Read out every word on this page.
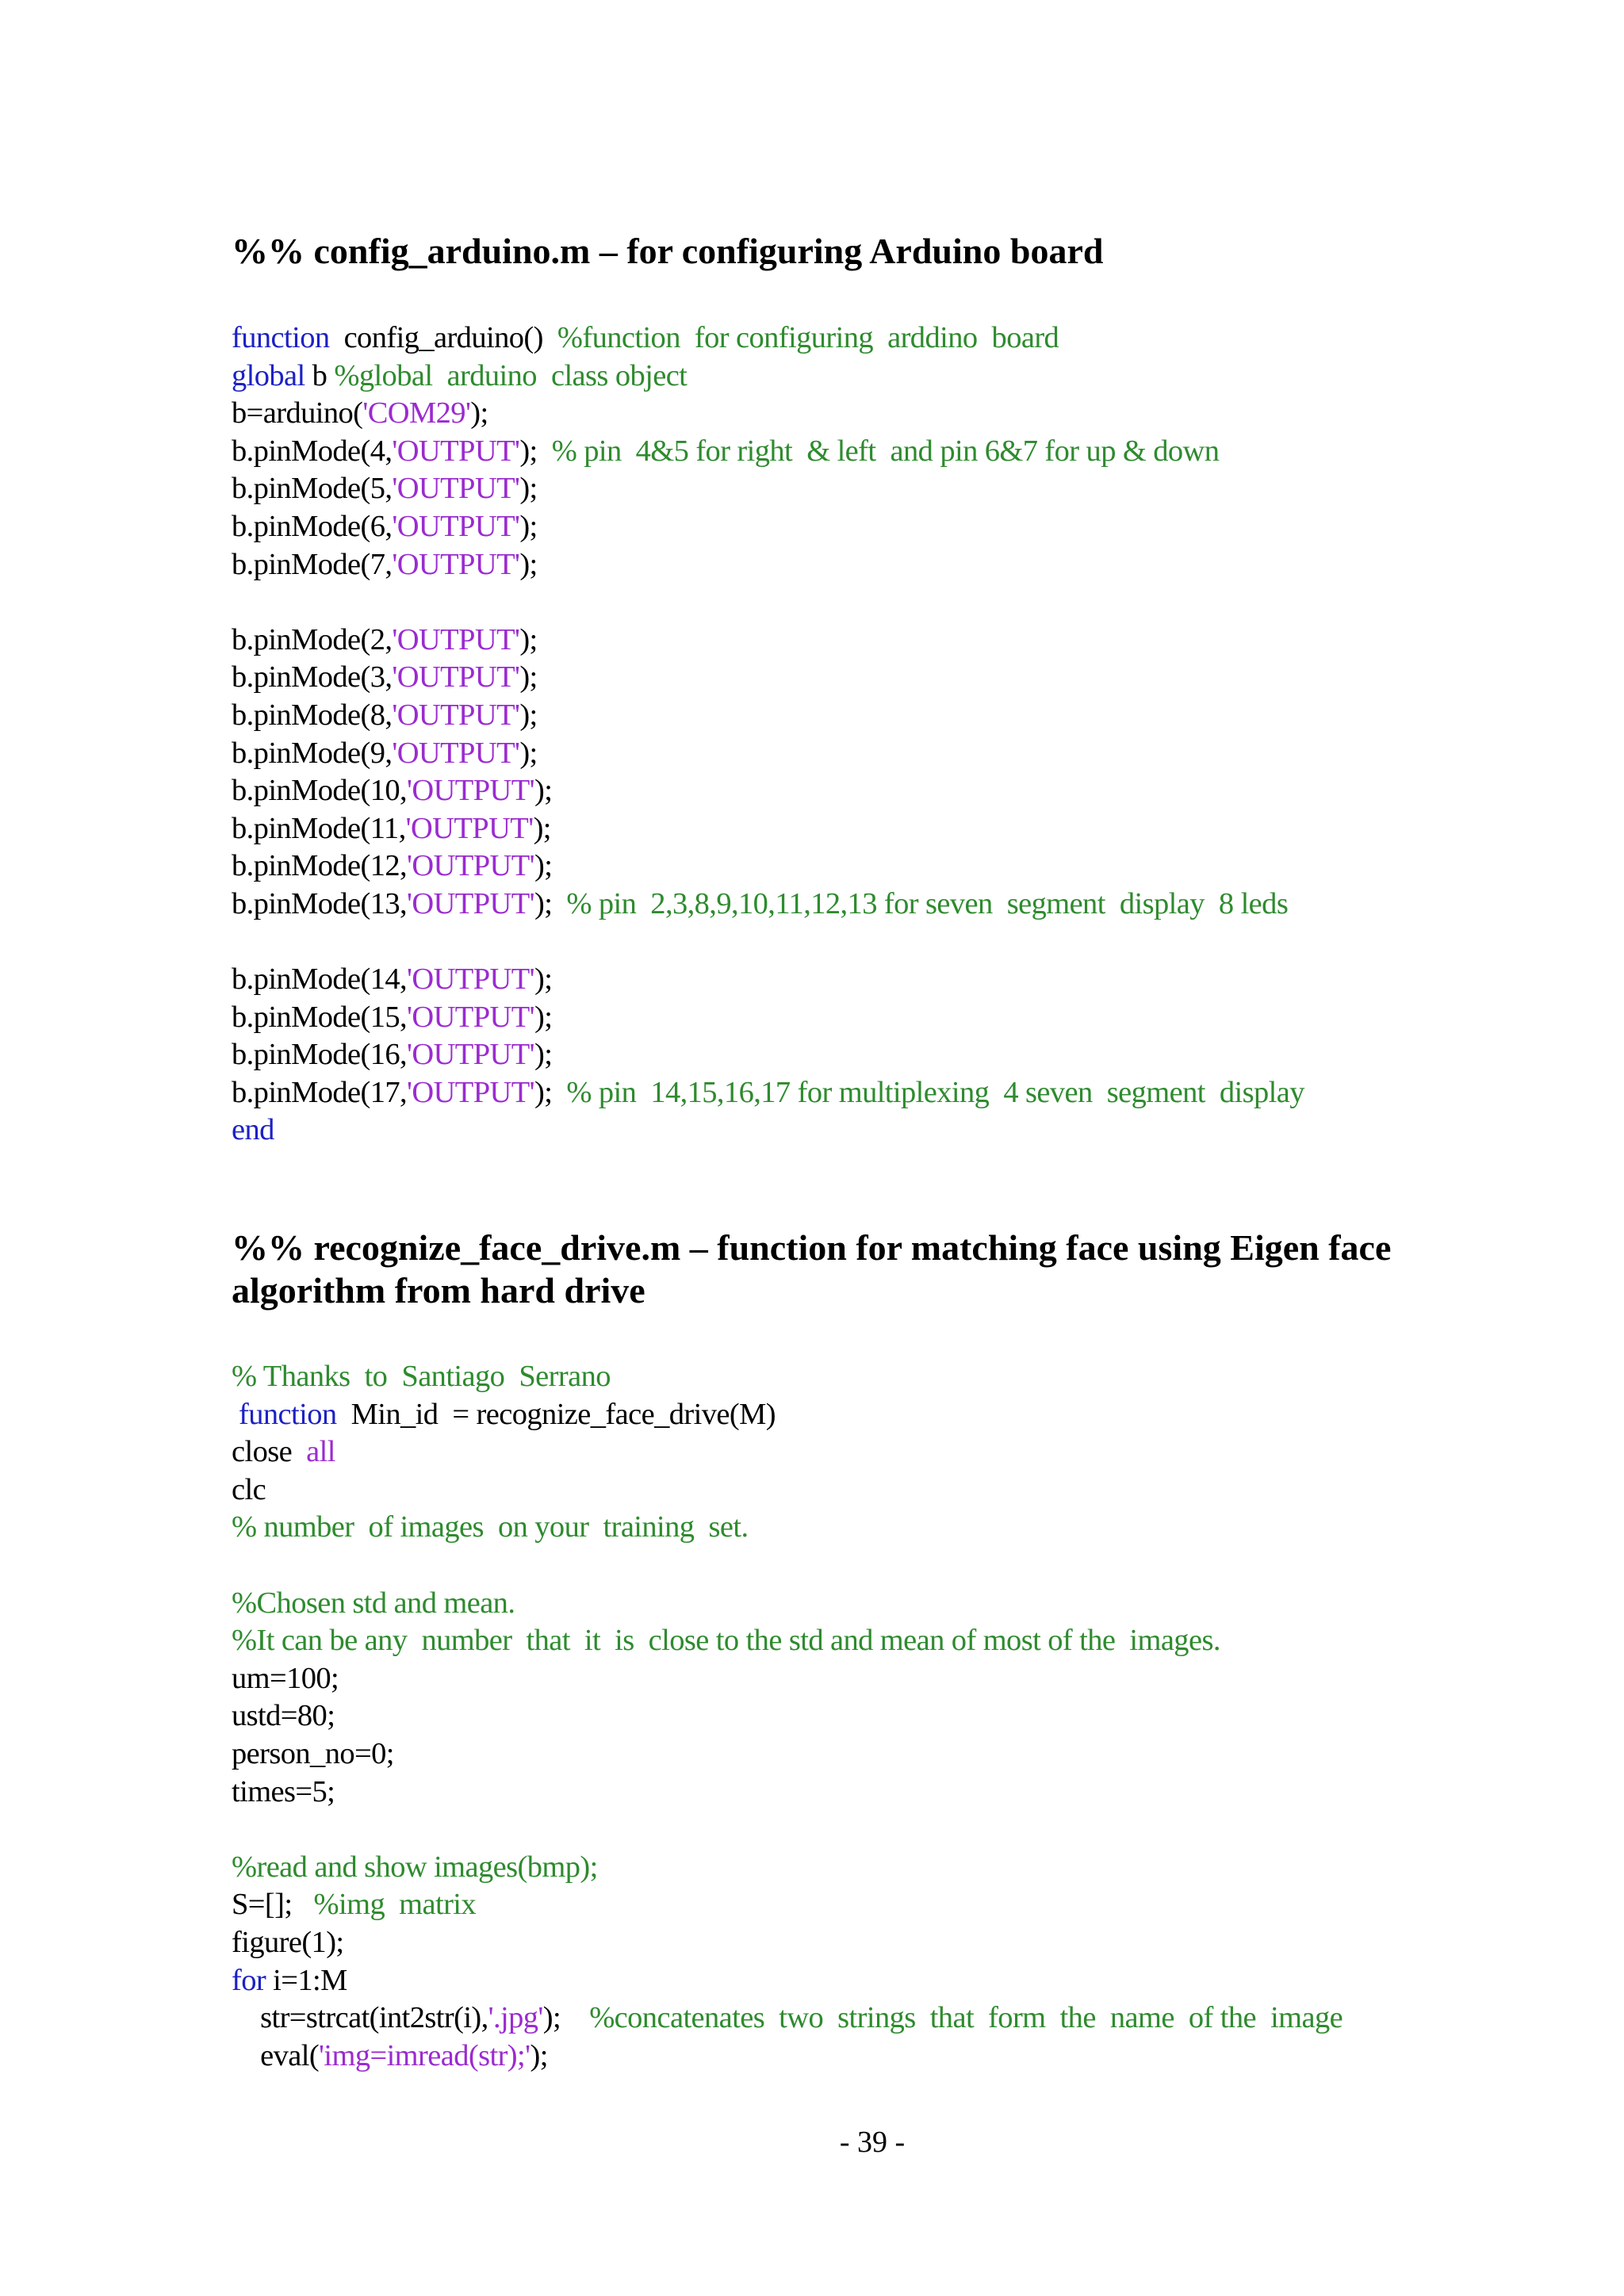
%% config_arduino.m – for configuring Arduino board
function  config_arduino()  %function  for configuring  arddino  board
global b %global  arduino  class object
b=arduino('COM29');
b.pinMode(4,'OUTPUT');  % pin  4&5 for right  & left  and pin 6&7 for up & down
b.pinMode(5,'OUTPUT');
b.pinMode(6,'OUTPUT');
b.pinMode(7,'OUTPUT');

b.pinMode(2,'OUTPUT');
b.pinMode(3,'OUTPUT');
b.pinMode(8,'OUTPUT');
b.pinMode(9,'OUTPUT');
b.pinMode(10,'OUTPUT');
b.pinMode(11,'OUTPUT');
b.pinMode(12,'OUTPUT');
b.pinMode(13,'OUTPUT');  % pin  2,3,8,9,10,11,12,13 for seven  segment  display  8 leds

b.pinMode(14,'OUTPUT');
b.pinMode(15,'OUTPUT');
b.pinMode(16,'OUTPUT');
b.pinMode(17,'OUTPUT');  % pin  14,15,16,17 for multiplexing  4 seven  segment  display
end
%% recognize_face_drive.m – function for matching face using Eigen face algorithm from hard drive
% Thanks  to  Santiago  Serrano
function  Min_id  = recognize_face_drive(M)
close  all
clc
% number  of images  on your  training  set.

%Chosen std and mean.
%It can be any  number  that  it  is  close to the std and mean of most of the  images.
um=100;
ustd=80;
person_no=0;
times=5;

%read and show images(bmp);
S=[];   %img  matrix
figure(1);
for i=1:M
str=strcat(int2str(i),'.jpg');    %concatenates  two  strings  that  form  the  name  of the  image
eval('img=imread(str);');
- 39 -
